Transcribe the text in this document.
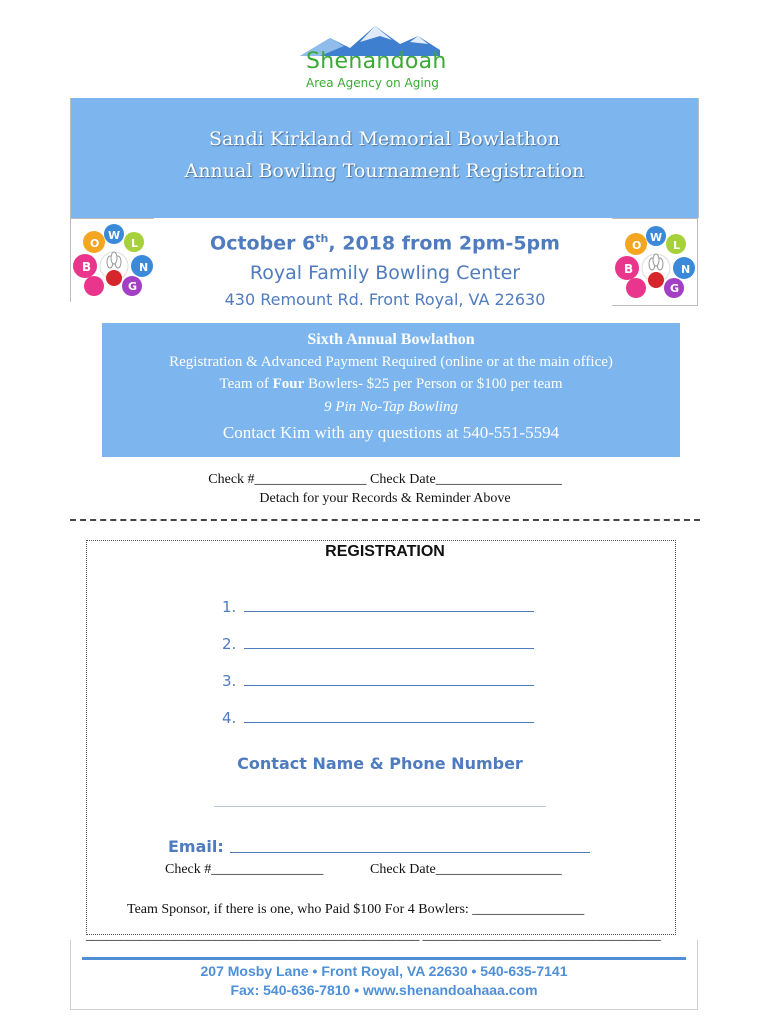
Shenandoah
Area Agency on Aging
Sandi Kirkland Memorial Bowlathon
Annual Bowling Tournament Registration
B
O
W
L
N
G
B
O
W
L
N
G
October 6th, 2018 from 2pm-5pm
Royal Family Bowling Center
430 Remount Rd. Front Royal, VA 22630
Sixth Annual Bowlathon
Registration & Advanced Payment Required (online or at the main office)
Team of Four Bowlers- $25 per Person or $100 per team
9 Pin No-Tap Bowling
Contact Kim with any questions at 540-551-5594
Check #________________ Check Date__________________
Detach for your Records & Reminder Above
REGISTRATION
1.
2.
3.
4.
Contact Name & Phone Number
Email:
Check #________________	Check Date__________________
Team Sponsor, if there is one, who Paid $100 For 4 Bowlers: ________________
_________________________________________________ ___________________________________
207 Mosby Lane • Front Royal, VA 22630 • 540-635-7141
Fax: 540-636-7810 • www.shenandoahaaa.com
